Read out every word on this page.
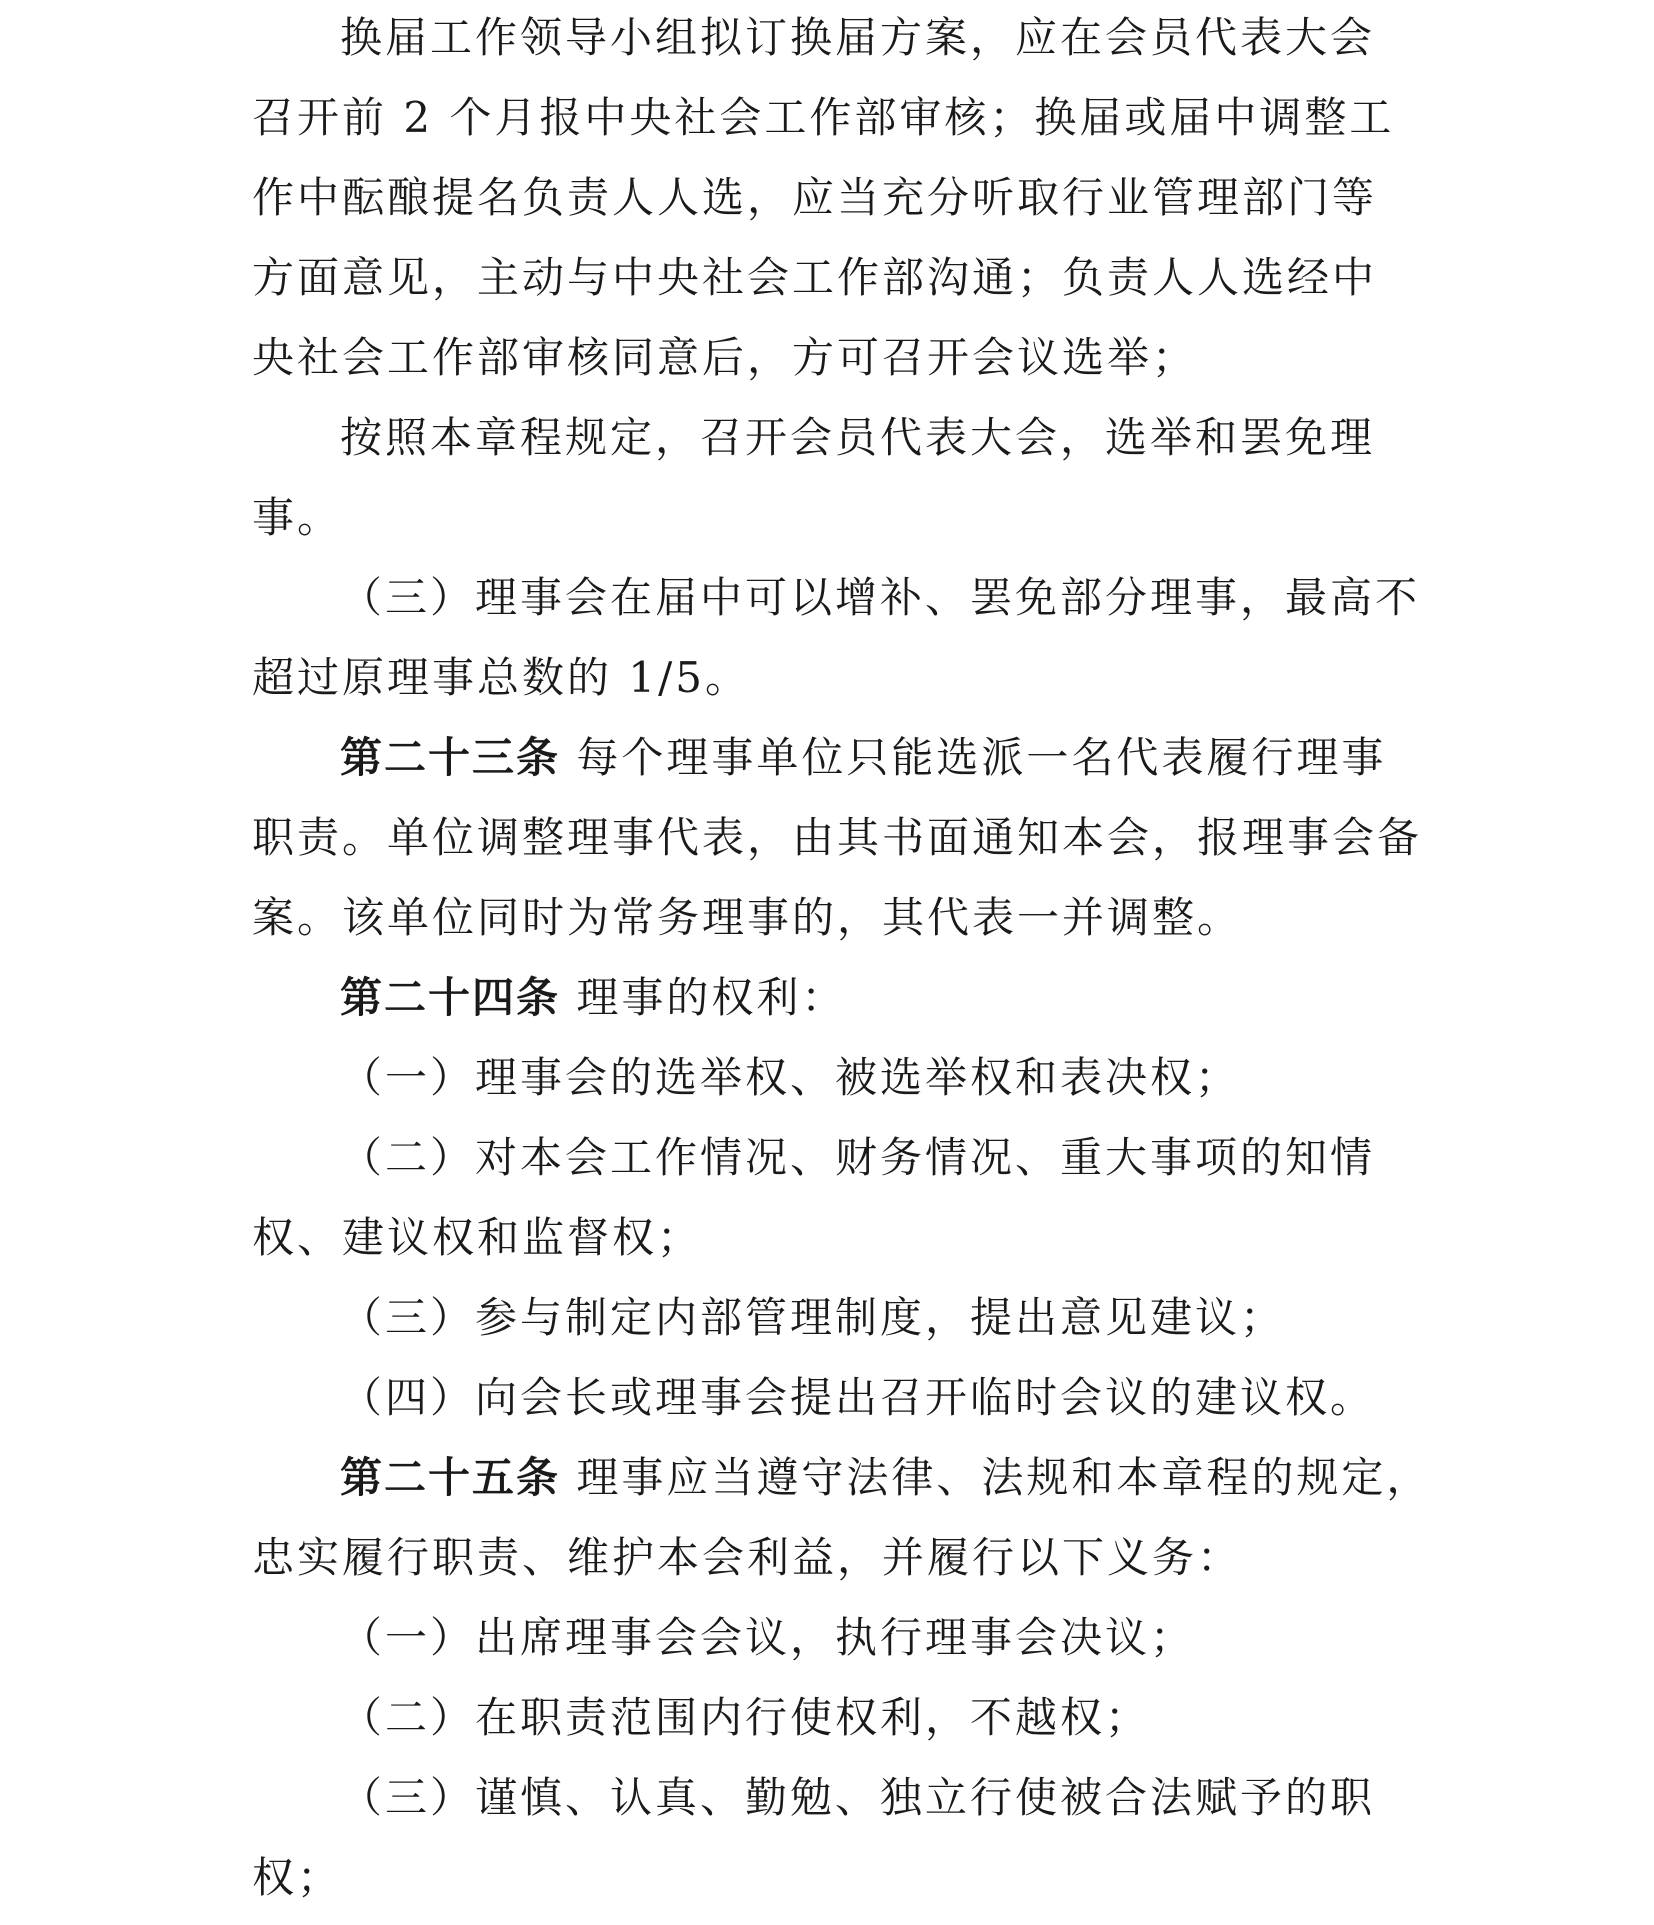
换届工作领导小组拟订换届方案，应在会员代表大会
召开前 2 个月报中央社会工作部审核；换届或届中调整工
作中酝酿提名负责人人选，应当充分听取行业管理部门等
方面意见，主动与中央社会工作部沟通；负责人人选经中
央社会工作部审核同意后，方可召开会议选举；
按照本章程规定，召开会员代表大会，选举和罢免理
事。
（三）理事会在届中可以增补、罢免部分理事，最高不
超过原理事总数的 1/5。
第二十三条 每个理事单位只能选派一名代表履行理事
职责。单位调整理事代表，由其书面通知本会，报理事会备
案。该单位同时为常务理事的，其代表一并调整。
第二十四条 理事的权利：
（一）理事会的选举权、被选举权和表决权；
（二）对本会工作情况、财务情况、重大事项的知情
权、建议权和监督权；
（三）参与制定内部管理制度，提出意见建议；
（四）向会长或理事会提出召开临时会议的建议权。
第二十五条 理事应当遵守法律、法规和本章程的规定，
忠实履行职责、维护本会利益，并履行以下义务：
（一）出席理事会会议，执行理事会决议；
（二）在职责范围内行使权利，不越权；
（三）谨慎、认真、勤勉、独立行使被合法赋予的职
权；
